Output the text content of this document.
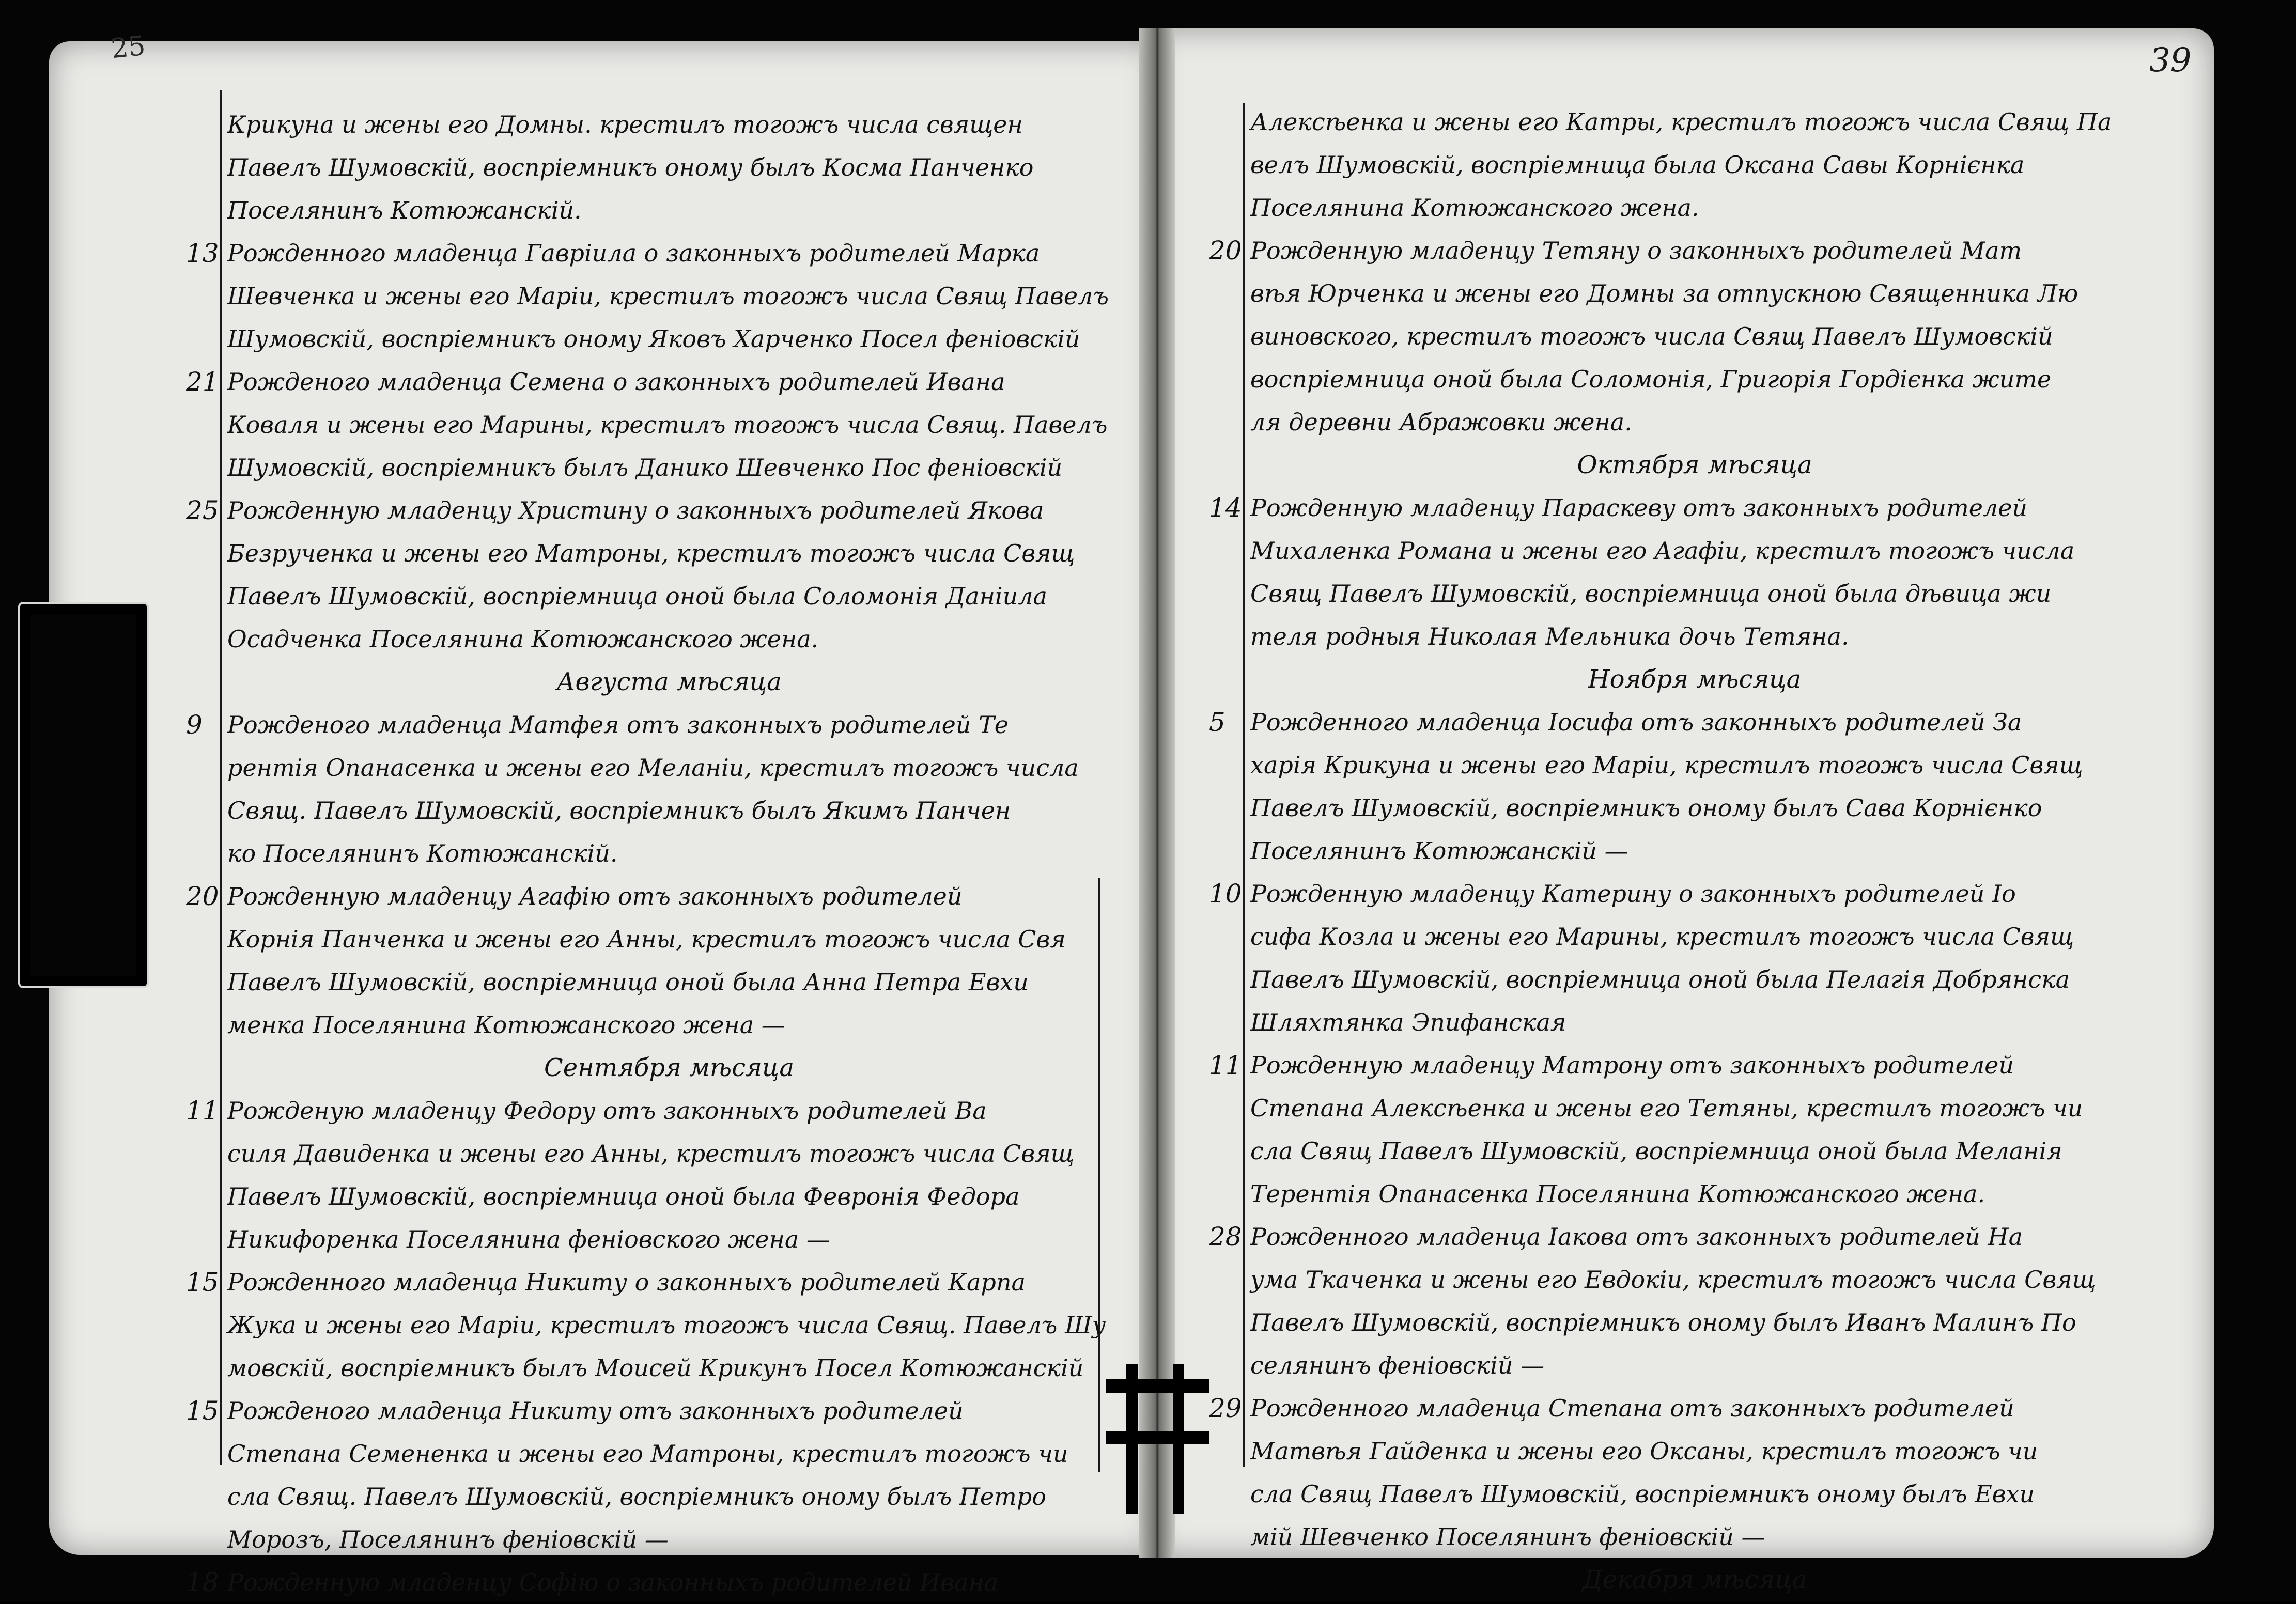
25	39
Крикуна и жены его Домны. крестилъ тогожъ числа священ
Павелъ Шумовскій, воспріемникъ оному былъ Косма Панченко
Поселянинъ Котюжанскій.
13 Рожденного младенца Гавріила о законныхъ родителей Марка
Шевченка и жены его Маріи, крестилъ тогожъ числа Свящ Павелъ
Шумовскій, воспріемникъ оному Яковъ Харченко Посел феніовскій
21 Рожденого младенца Семена о законныхъ родителей Ивана
Коваля и жены его Марины, крестилъ тогожъ числа Свящ. Павелъ
Шумовскій, воспріемникъ былъ Данико Шевченко Пос феніовскій
25 Рожденную младенцу Христину о законныхъ родителей Якова
Безрученка и жены его Матроны, крестилъ тогожъ числа Свящ
Павелъ Шумовскій, воспріемница оной была Соломонія Даніила
Осадченка Поселянина Котюжанского жена.
Августа мѣсяца
9	Рожденого младенца Матфея отъ законныхъ родителей Те
рентія Опанасенка и жены его Меланіи, крестилъ тогожъ числа
Свящ. Павелъ Шумовскій, воспріемникъ былъ Якимъ Панчен
ко Поселянинъ Котюжанскій.
20 Рожденную младенцу Агафію отъ законныхъ родителей
Корнія Панченка и жены его Анны, крестилъ тогожъ числа Свя
Павелъ Шумовскій, воспріемница оной была Анна Петра Евхи
менка Поселянина Котюжанского жена —
Сентября мѣсяца
11 Рожденую младенцу Федору отъ законныхъ родителей Ва
силя Давиденка и жены его Анны, крестилъ тогожъ числа Свящ
Павелъ Шумовскій, воспріемница оной была Февронія Федора
Никифоренка Поселянина феніовского жена —
15 Рожденного младенца Никиту о законныхъ родителей Карпа
Жука и жены его Маріи, крестилъ тогожъ числа Свящ. Павелъ Шу
мовскій, воспріемникъ былъ Моисей Крикунъ Посел Котюжанскій
15 Рожденого младенца Никиту отъ законныхъ родителей
Степана Семененка и жены его Матроны, крестилъ тогожъ чи
сла Свящ. Павелъ Шумовскій, воспріемникъ оному былъ Петро
Морозъ, Поселянинъ феніовскій —
18 Рожденную младенцу Софію о законныхъ родителей Ивана
Алексѣенка и жены его Катры, крестилъ тогожъ числа Свящ Па
велъ Шумовскій, воспріемница была Оксана Савы Корнієнка
Поселянина Котюжанского жена.
20 Рожденную младенцу Тетяну о законныхъ родителей Мат
вѣя Юрченка и жены его Домны за отпускною Священника Лю
виновского, крестилъ тогожъ числа Свящ Павелъ Шумовскій
воспріемница оной была Соломонія, Григорія Гордієнка жите
ля деревни Абражовки жена.
Октября мѣсяца
14 Рожденную младенцу Параскеву отъ законныхъ родителей
Михаленка Романа и жены его Агафіи, крестилъ тогожъ числа
Свящ Павелъ Шумовскій, воспріемница оной была дѣвица жи
теля родныя Николая Мельника дочь Тетяна.
Ноября мѣсяца
5	Рожденного младенца Іосифа отъ законныхъ родителей За
харія Крикуна и жены его Маріи, крестилъ тогожъ числа Свящ
Павелъ Шумовскій, воспріемникъ оному былъ Сава Корнієнко
Поселянинъ Котюжанскій —
10 Рожденную младенцу Катерину о законныхъ родителей Іо
сифа Козла и жены его Марины, крестилъ тогожъ числа Свящ
Павелъ Шумовскій, воспріемница оной была Пелагія Добрянска
Шляхтянка Эпифанская
11 Рожденную младенцу Матрону отъ законныхъ родителей
Степана Алексѣенка и жены его Тетяны, крестилъ тогожъ чи
сла Свящ Павелъ Шумовскій, воспріемница оной была Меланія
Терентія Опанасенка Поселянина Котюжанского жена.
28 Рожденного младенца Іакова отъ законныхъ родителей На
ума Ткаченка и жены его Евдокіи, крестилъ тогожъ числа Свящ
Павелъ Шумовскій, воспріемникъ оному былъ Иванъ Малинъ По
селянинъ феніовскій —
29 Рожденного младенца Степана отъ законныхъ родителей
Матвѣя Гайденка и жены его Оксаны, крестилъ тогожъ чи
сла Свящ Павелъ Шумовскій, воспріемникъ оному былъ Евхи
мій Шевченко Поселянинъ феніовскій —
Декабря мѣсяца
